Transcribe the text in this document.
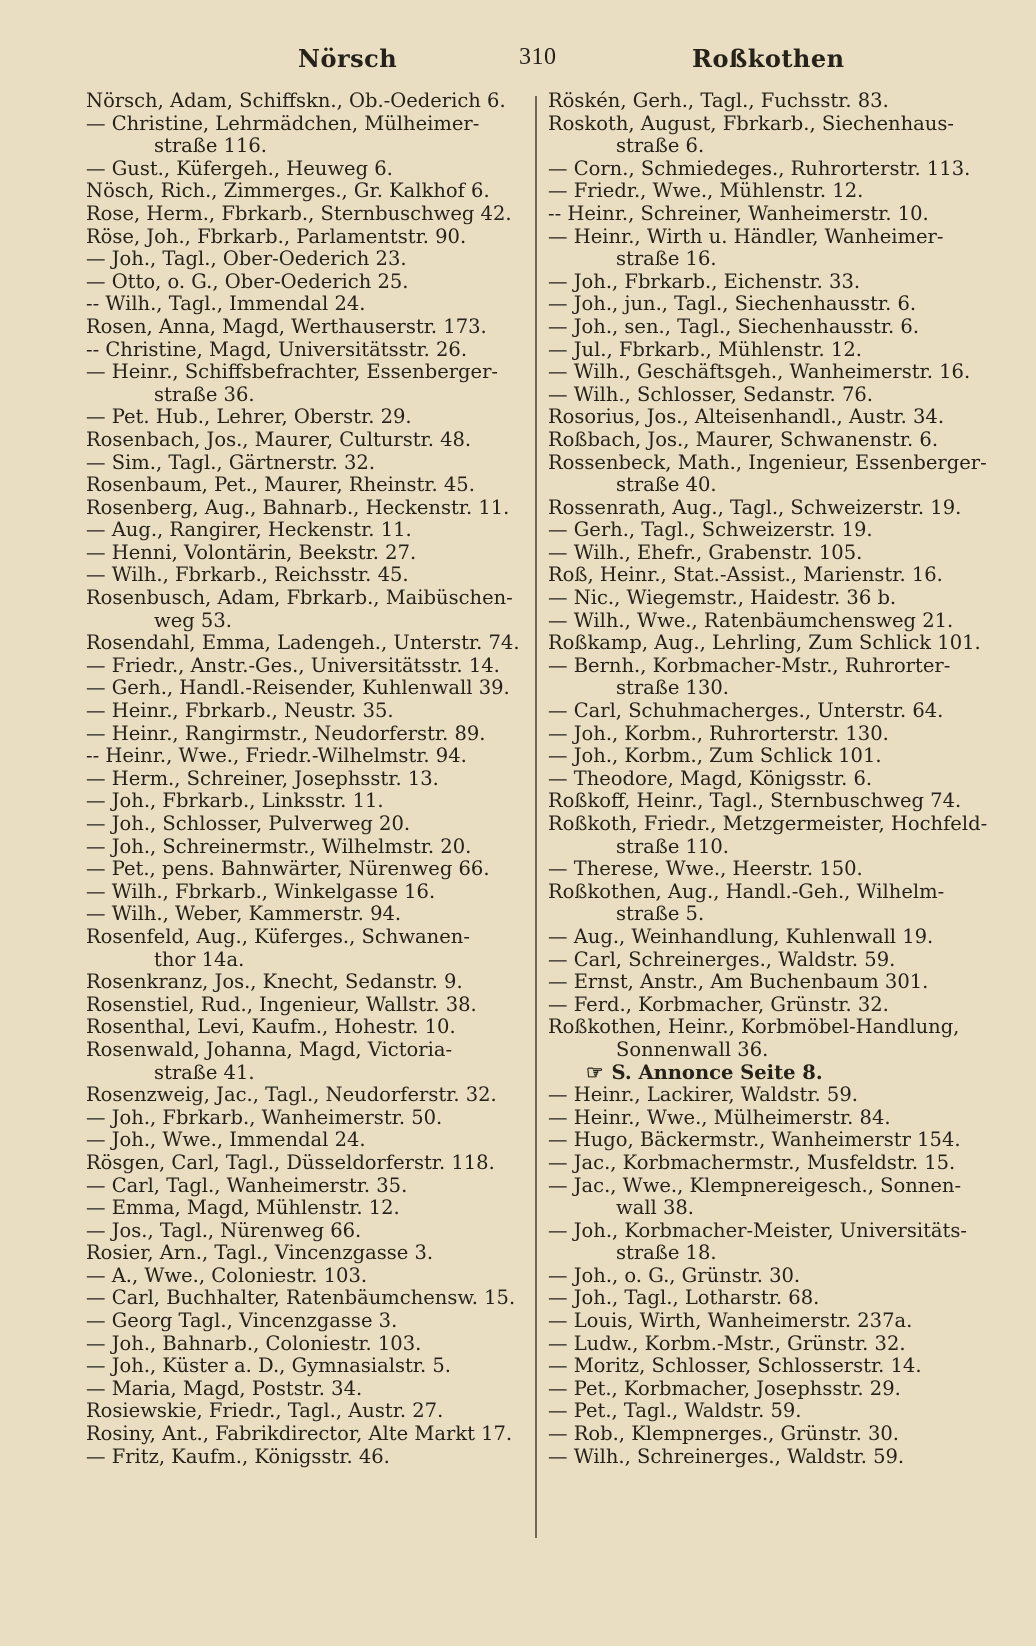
Nörsch	310	Roßkothen
Nörsch, Adam, Schiffskn., Ob.-Oederich 6.
— Christine, Lehrmädchen, Mülheimer-
straße 116.
— Gust., Küfergeh., Heuweg 6.
Nösch, Rich., Zimmerges., Gr. Kalkhof 6.
Rose, Herm., Fbrkarb., Sternbuschweg 42.
Röse, Joh., Fbrkarb., Parlamentstr. 90.
— Joh., Tagl., Ober-Oederich 23.
— Otto, o. G., Ober-Oederich 25.
-- Wilh., Tagl., Immendal 24.
Rosen, Anna, Magd, Werthauserstr. 173.
-- Christine, Magd, Universitätsstr. 26.
— Heinr., Schiffsbefrachter, Essenberger-
straße 36.
— Pet. Hub., Lehrer, Oberstr. 29.
Rosenbach, Jos., Maurer, Culturstr. 48.
— Sim., Tagl., Gärtnerstr. 32.
Rosenbaum, Pet., Maurer, Rheinstr. 45.
Rosenberg, Aug., Bahnarb., Heckenstr. 11.
— Aug., Rangirer, Heckenstr. 11.
— Henni, Volontärin, Beekstr. 27.
— Wilh., Fbrkarb., Reichsstr. 45.
Rosenbusch, Adam, Fbrkarb., Maibüschen-
weg 53.
Rosendahl, Emma, Ladengeh., Unterstr. 74.
— Friedr., Anstr.-Ges., Universitätsstr. 14.
— Gerh., Handl.-Reisender, Kuhlenwall 39.
— Heinr., Fbrkarb., Neustr. 35.
— Heinr., Rangirmstr., Neudorferstr. 89.
-- Heinr., Wwe., Friedr.-Wilhelmstr. 94.
— Herm., Schreiner, Josephsstr. 13.
— Joh., Fbrkarb., Linksstr. 11.
— Joh., Schlosser, Pulverweg 20.
— Joh., Schreinermstr., Wilhelmstr. 20.
— Pet., pens. Bahnwärter, Nürenweg 66.
— Wilh., Fbrkarb., Winkelgasse 16.
— Wilh., Weber, Kammerstr. 94.
Rosenfeld, Aug., Küferges., Schwanen-
thor 14a.
Rosenkranz, Jos., Knecht, Sedanstr. 9.
Rosenstiel, Rud., Ingenieur, Wallstr. 38.
Rosenthal, Levi, Kaufm., Hohestr. 10.
Rosenwald, Johanna, Magd, Victoria-
straße 41.
Rosenzweig, Jac., Tagl., Neudorferstr. 32.
— Joh., Fbrkarb., Wanheimerstr. 50.
— Joh., Wwe., Immendal 24.
Rösgen, Carl, Tagl., Düsseldorferstr. 118.
— Carl, Tagl., Wanheimerstr. 35.
— Emma, Magd, Mühlenstr. 12.
— Jos., Tagl., Nürenweg 66.
Rosier, Arn., Tagl., Vincenzgasse 3.
— A., Wwe., Coloniestr. 103.
— Carl, Buchhalter, Ratenbäumchensw. 15.
— Georg Tagl., Vincenzgasse 3.
— Joh., Bahnarb., Coloniestr. 103.
— Joh., Küster a. D., Gymnasialstr. 5.
— Maria, Magd, Poststr. 34.
Rosiewskie, Friedr., Tagl., Austr. 27.
Rosiny, Ant., Fabrikdirector, Alte Markt 17.
— Fritz, Kaufm., Königsstr. 46.
Röskén, Gerh., Tagl., Fuchsstr. 83.
Roskoth, August, Fbrkarb., Siechenhaus-
straße 6.
— Corn., Schmiedeges., Ruhrorterstr. 113.
— Friedr., Wwe., Mühlenstr. 12.
-- Heinr., Schreiner, Wanheimerstr. 10.
— Heinr., Wirth u. Händler, Wanheimer-
straße 16.
— Joh., Fbrkarb., Eichenstr. 33.
— Joh., jun., Tagl., Siechenhausstr. 6.
— Joh., sen., Tagl., Siechenhausstr. 6.
— Jul., Fbrkarb., Mühlenstr. 12.
— Wilh., Geschäftsgeh., Wanheimerstr. 16.
— Wilh., Schlosser, Sedanstr. 76.
Rosorius, Jos., Alteisenhandl., Austr. 34.
Roßbach, Jos., Maurer, Schwanenstr. 6.
Rossenbeck, Math., Ingenieur, Essenberger-
straße 40.
Rossenrath, Aug., Tagl., Schweizerstr. 19.
— Gerh., Tagl., Schweizerstr. 19.
— Wilh., Ehefr., Grabenstr. 105.
Roß, Heinr., Stat.-Assist., Marienstr. 16.
— Nic., Wiegemstr., Haidestr. 36 b.
— Wilh., Wwe., Ratenbäumchensweg 21.
Roßkamp, Aug., Lehrling, Zum Schlick 101.
— Bernh., Korbmacher-Mstr., Ruhrorter-
straße 130.
— Carl, Schuhmacherges., Unterstr. 64.
— Joh., Korbm., Ruhrorterstr. 130.
— Joh., Korbm., Zum Schlick 101.
— Theodore, Magd, Königsstr. 6.
Roßkoff, Heinr., Tagl., Sternbuschweg 74.
Roßkoth, Friedr., Metzgermeister, Hochfeld-
straße 110.
— Therese, Wwe., Heerstr. 150.
Roßkothen, Aug., Handl.-Geh., Wilhelm-
straße 5.
— Aug., Weinhandlung, Kuhlenwall 19.
— Carl, Schreinerges., Waldstr. 59.
— Ernst, Anstr., Am Buchenbaum 301.
— Ferd., Korbmacher, Grünstr. 32.
Roßkothen, Heinr., Korbmöbel-Handlung,
Sonnenwall 36.
☞ S. Annonce Seite 8.
— Heinr., Lackirer, Waldstr. 59.
— Heinr., Wwe., Mülheimerstr. 84.
— Hugo, Bäckermstr., Wanheimerstr 154.
— Jac., Korbmachermstr., Musfeldstr. 15.
— Jac., Wwe., Klempnereigesch., Sonnen-
wall 38.
— Joh., Korbmacher-Meister, Universitäts-
straße 18.
— Joh., o. G., Grünstr. 30.
— Joh., Tagl., Lotharstr. 68.
— Louis, Wirth, Wanheimerstr. 237a.
— Ludw., Korbm.-Mstr., Grünstr. 32.
— Moritz, Schlosser, Schlosserstr. 14.
— Pet., Korbmacher, Josephsstr. 29.
— Pet., Tagl., Waldstr. 59.
— Rob., Klempnerges., Grünstr. 30.
— Wilh., Schreinerges., Waldstr. 59.
